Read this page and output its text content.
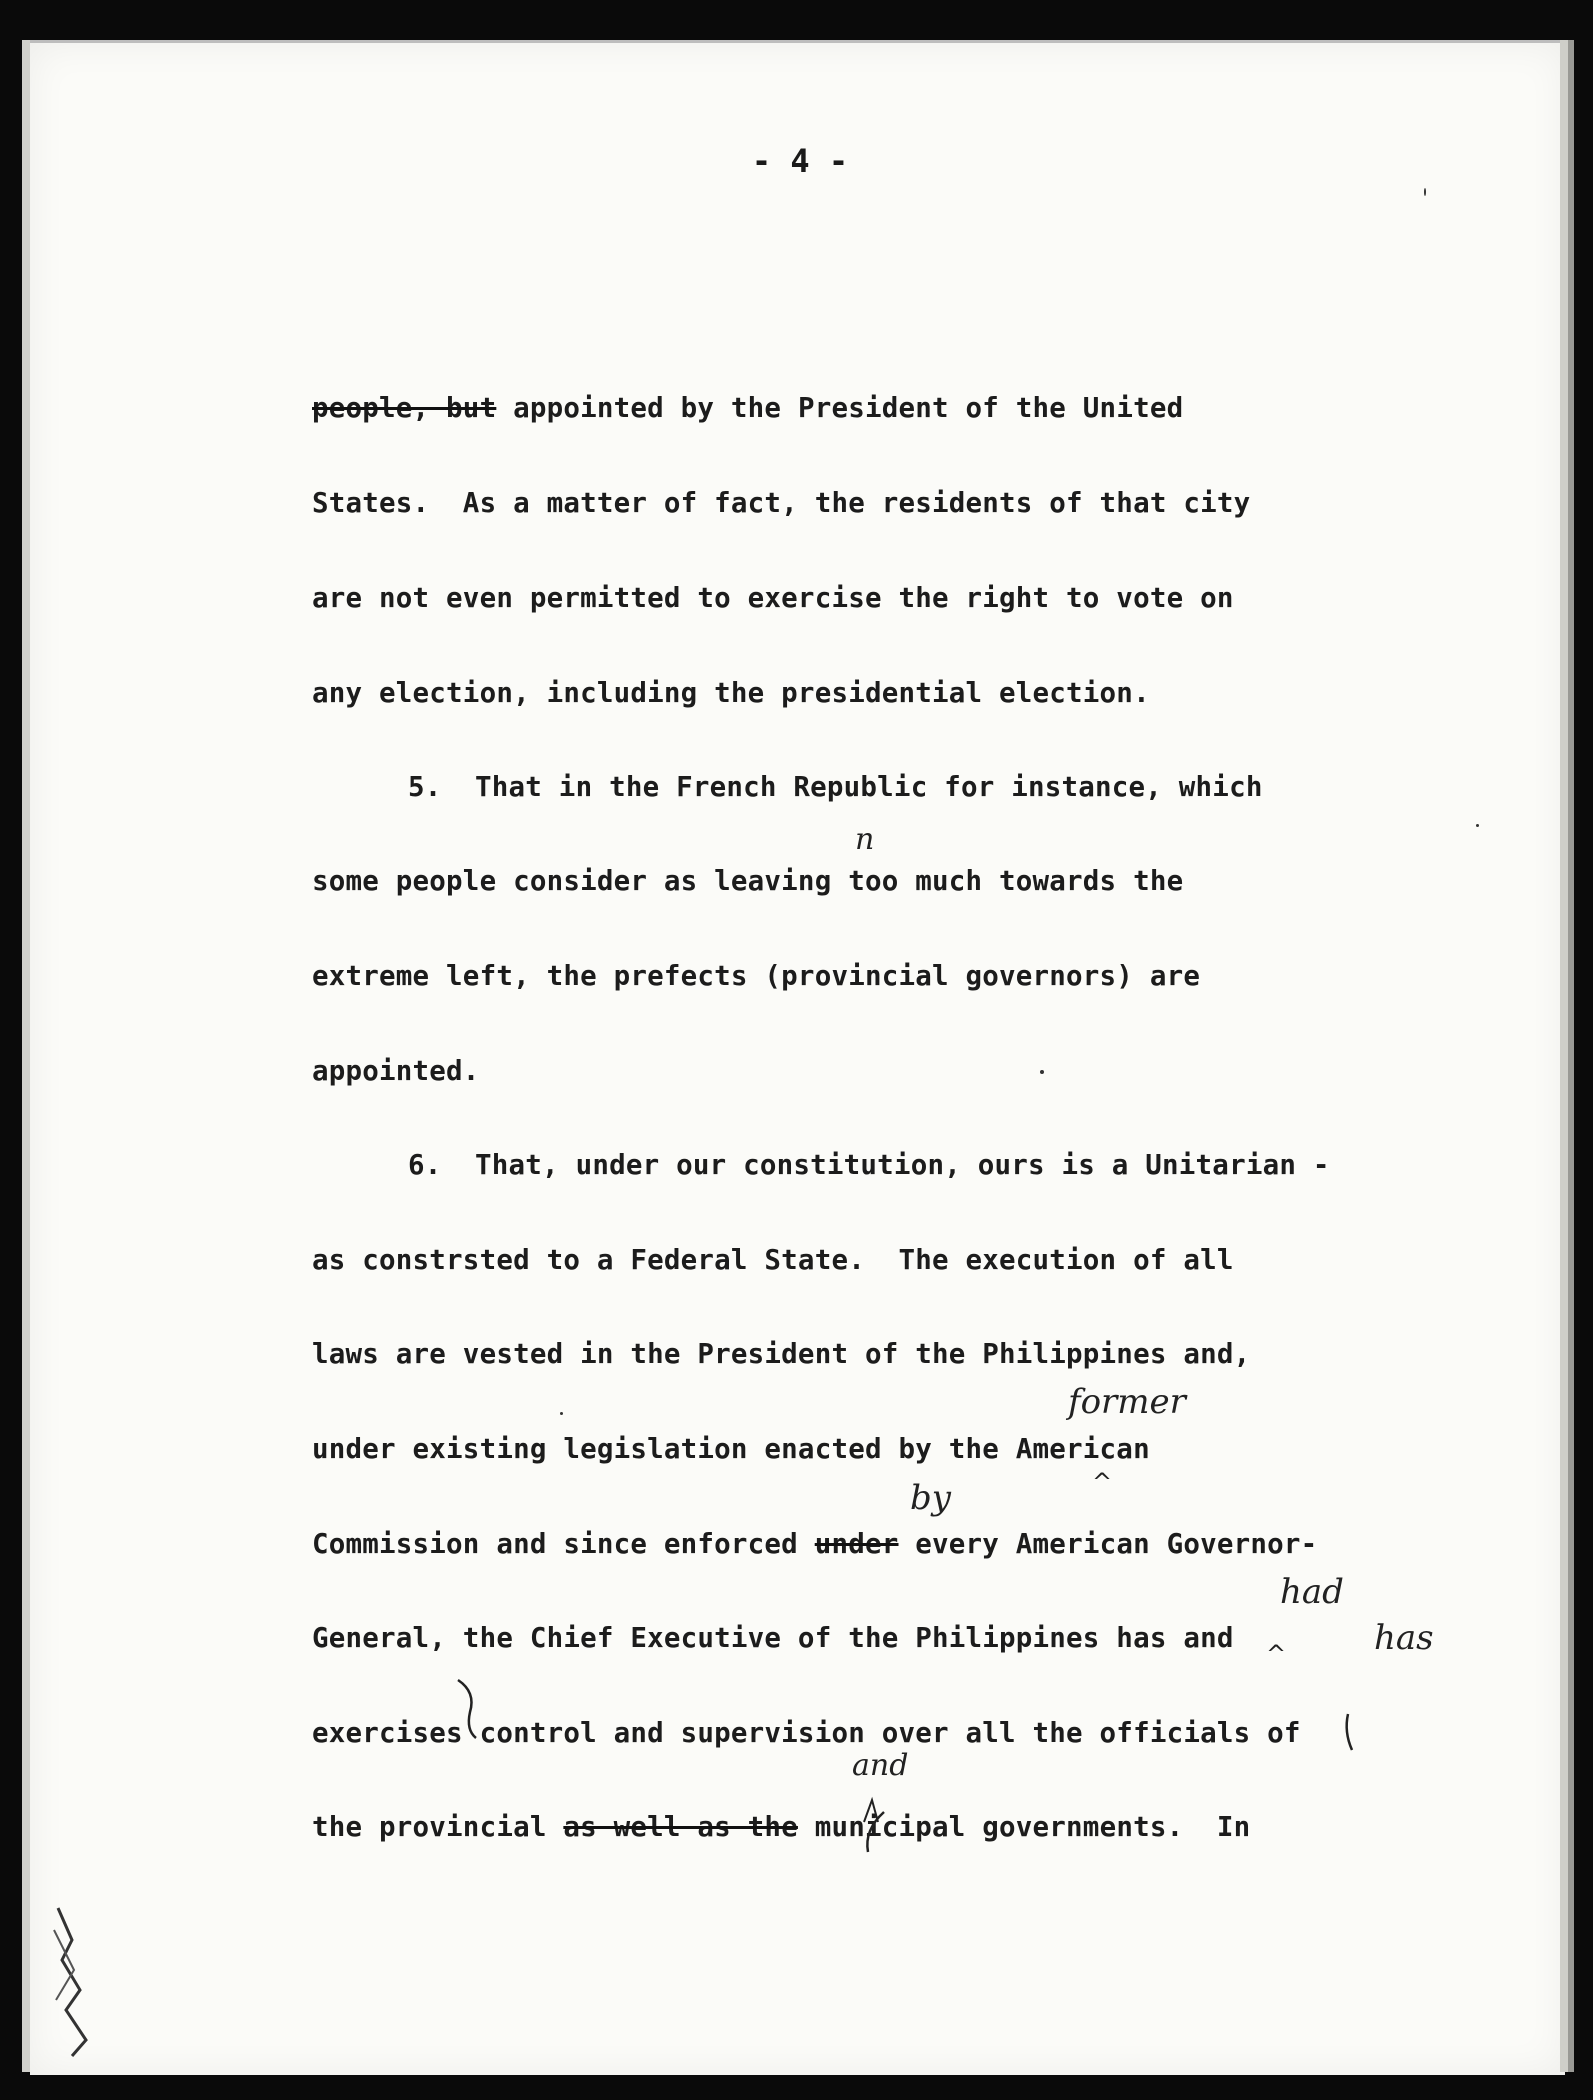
- 4 -
people, but appointed by the President of the United
States.  As a matter of fact, the residents of that city
are not even permitted to exercise the right to vote on
any election, including the presidential election.
5.  That in the French Republic for instance, which
some people consider as leaving too much towards the
extreme left, the prefects (provincial governors) are
appointed.
6.  That, under our constitution, ours is a Unitarian -
as constrsted to a Federal State.  The execution of all
laws are vested in the President of the Philippines and,
under existing legislation enacted by the American
Commission and since enforced under every American Governor-
General, the Chief Executive of the Philippines has and
exercises control and supervision over all the officials of
the provincial as well as the municipal governments.  In
n
former
^
by
had
^	has
and
